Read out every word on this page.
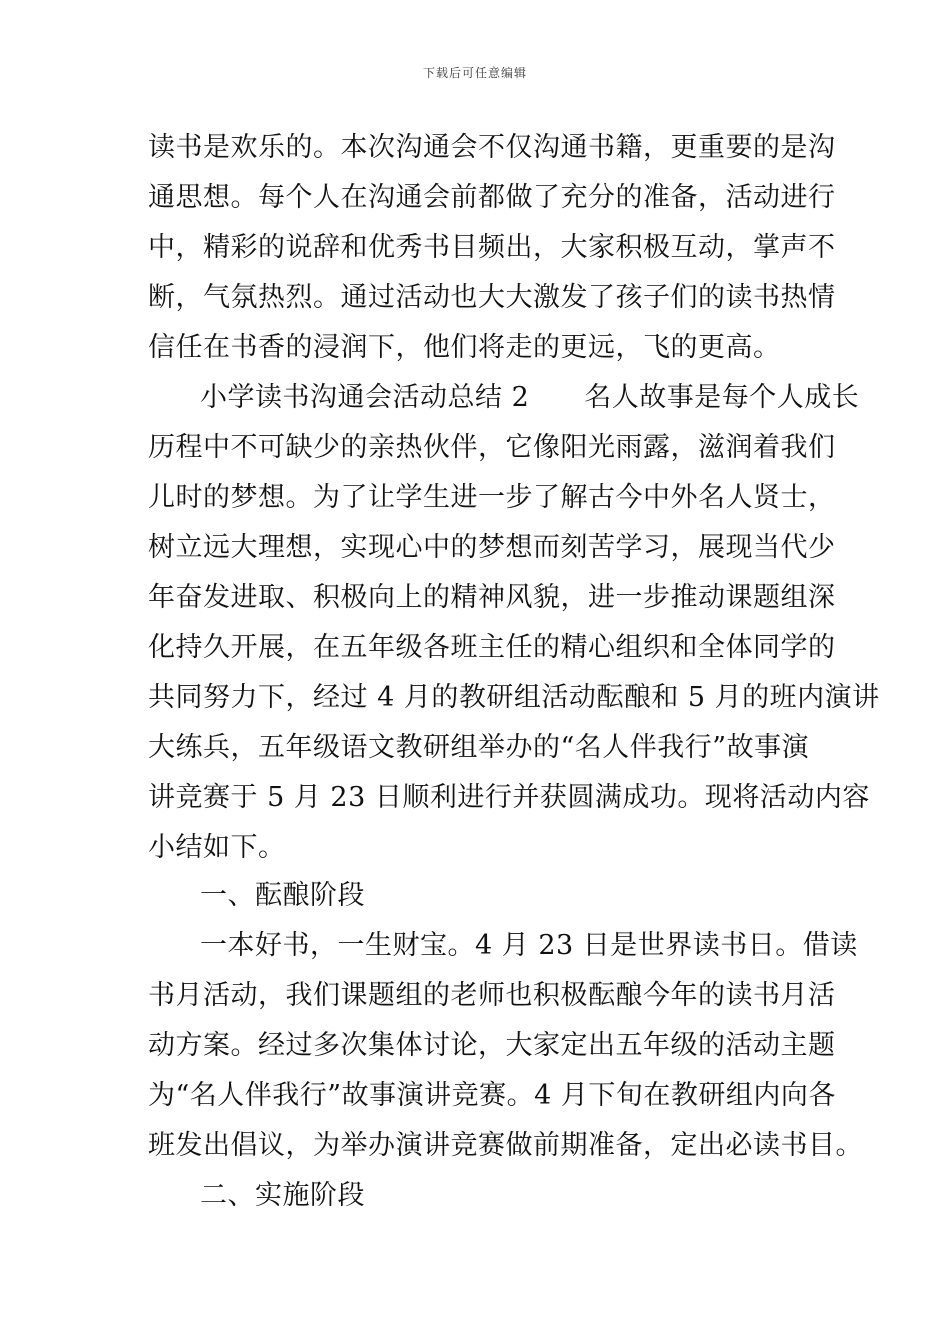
下载后可任意编辑
读书是欢乐的。本次沟通会不仅沟通书籍，更重要的是沟
通思想。每个人在沟通会前都做了充分的准备，活动进行
中，精彩的说辞和优秀书目频出，大家积极互动，掌声不
断，气氛热烈。通过活动也大大激发了孩子们的读书热情
信任在书香的浸润下，他们将走的更远，飞的更高。
小学读书沟通会活动总结 2　　名人故事是每个人成长
历程中不可缺少的亲热伙伴，它像阳光雨露，滋润着我们
儿时的梦想。为了让学生进一步了解古今中外名人贤士，
树立远大理想，实现心中的梦想而刻苦学习，展现当代少
年奋发进取、积极向上的精神风貌，进一步推动课题组深
化持久开展，在五年级各班主任的精心组织和全体同学的
共同努力下，经过 4 月的教研组活动酝酿和 5 月的班内演讲
大练兵，五年级语文教研组举办的“名人伴我行”故事演
讲竞赛于 5 月 23 日顺利进行并获圆满成功。现将活动内容
小结如下。
一、酝酿阶段
一本好书，一生财宝。4 月 23 日是世界读书日。借读
书月活动，我们课题组的老师也积极酝酿今年的读书月活
动方案。经过多次集体讨论，大家定出五年级的活动主题
为“名人伴我行”故事演讲竞赛。4 月下旬在教研组内向各
班发出倡议，为举办演讲竞赛做前期准备，定出必读书目。
二、实施阶段
